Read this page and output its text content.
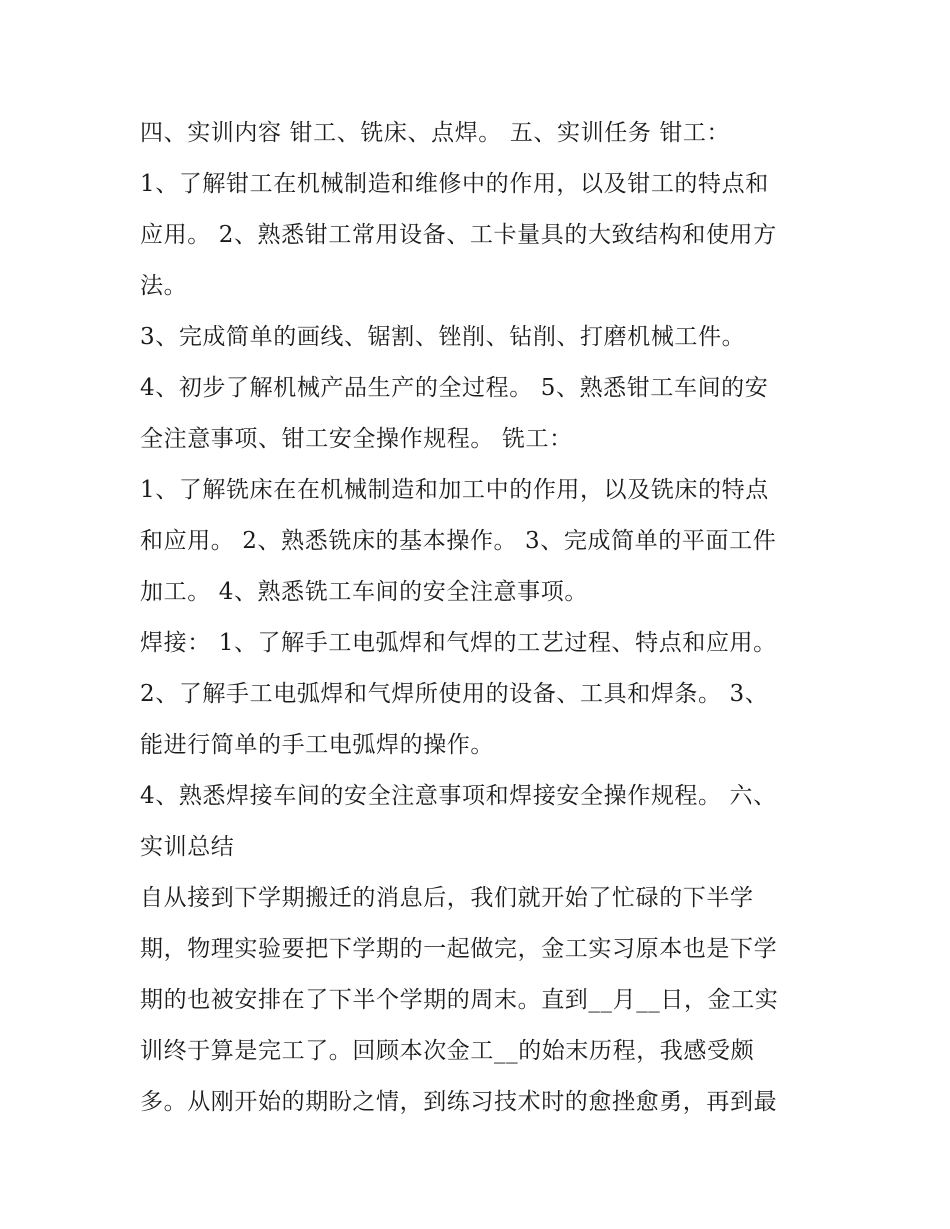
四、实训内容 钳工、铣床、点焊。 五、实训任务 钳工：
1、了解钳工在机械制造和维修中的作用，以及钳工的特点和
应用。 2、熟悉钳工常用设备、工卡量具的大致结构和使用方
法。
3、完成简单的画线、锯割、锉削、钻削、打磨机械工件。
4、初步了解机械产品生产的全过程。 5、熟悉钳工车间的安
全注意事项、钳工安全操作规程。 铣工：
1、了解铣床在在机械制造和加工中的作用，以及铣床的特点
和应用。 2、熟悉铣床的基本操作。 3、完成简单的平面工件
加工。 4、熟悉铣工车间的安全注意事项。
焊接： 1、了解手工电弧焊和气焊的工艺过程、特点和应用。
2、了解手工电弧焊和气焊所使用的设备、工具和焊条。 3、
能进行简单的手工电弧焊的操作。
4、熟悉焊接车间的安全注意事项和焊接安全操作规程。 六、
实训总结
自从接到下学期搬迁的消息后，我们就开始了忙碌的下半学
期，物理实验要把下学期的一起做完，金工实习原本也是下学
期的也被安排在了下半个学期的周末。直到__月__日，金工实
训终于算是完工了。回顾本次金工__的始末历程，我感受颇
多。从刚开始的期盼之情，到练习技术时的愈挫愈勇，再到最
